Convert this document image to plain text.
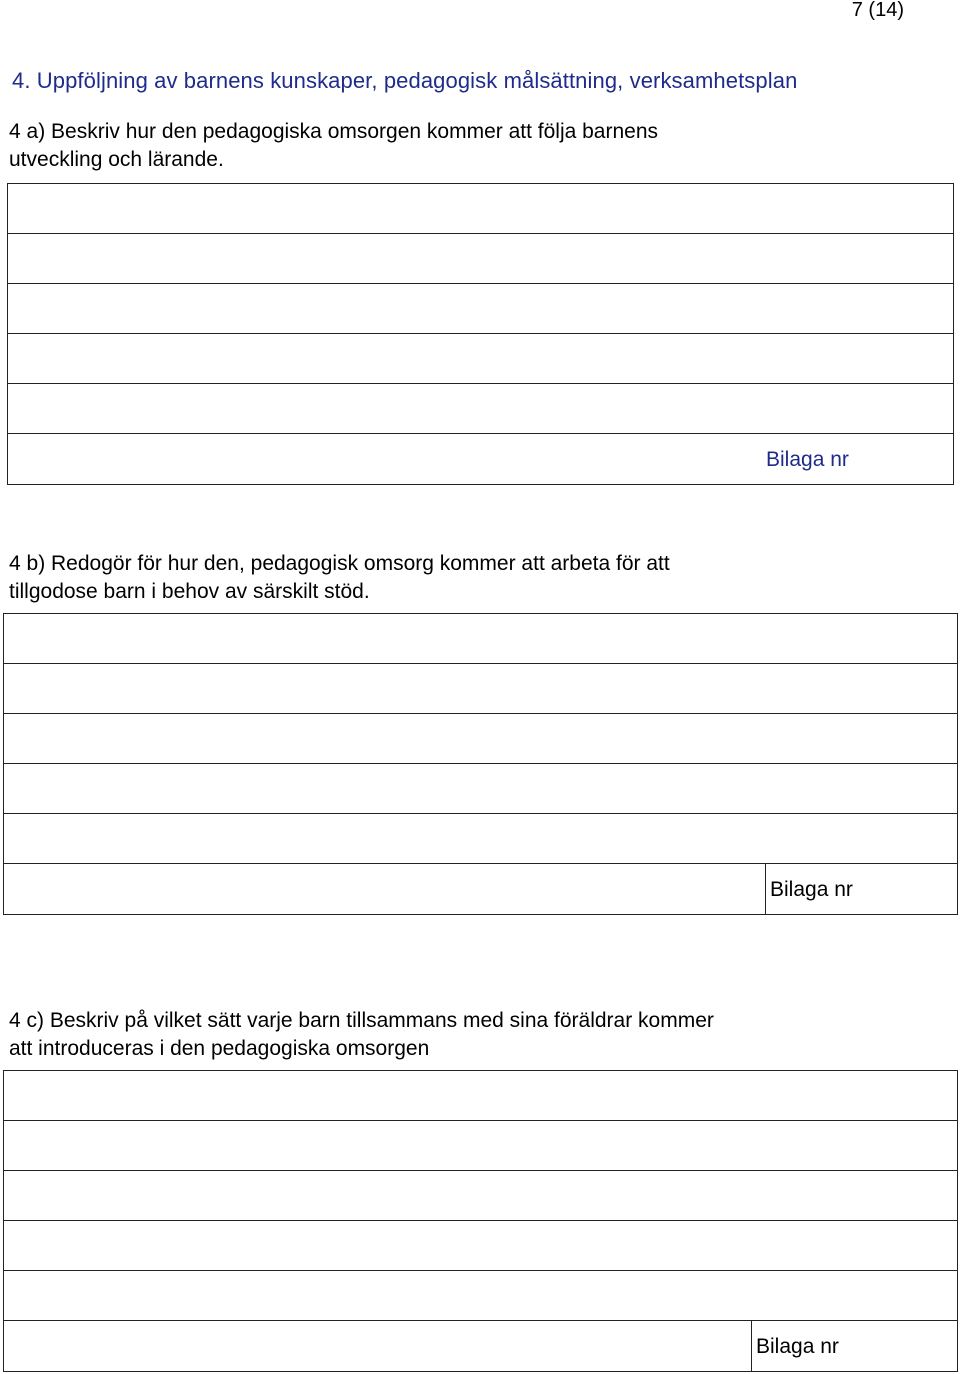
7 (14)
4. Uppföljning av barnens kunskaper, pedagogisk målsättning, verksamhetsplan
4 a) Beskriv hur den pedagogiska omsorgen kommer att följa barnens
utveckling och lärande.
Bilaga nr
4 b) Redogör för hur den, pedagogisk omsorg kommer att arbeta för att
tillgodose barn i behov av särskilt stöd.
Bilaga nr
4 c) Beskriv på vilket sätt varje barn tillsammans med sina föräldrar kommer
att introduceras i den pedagogiska omsorgen
Bilaga nr
